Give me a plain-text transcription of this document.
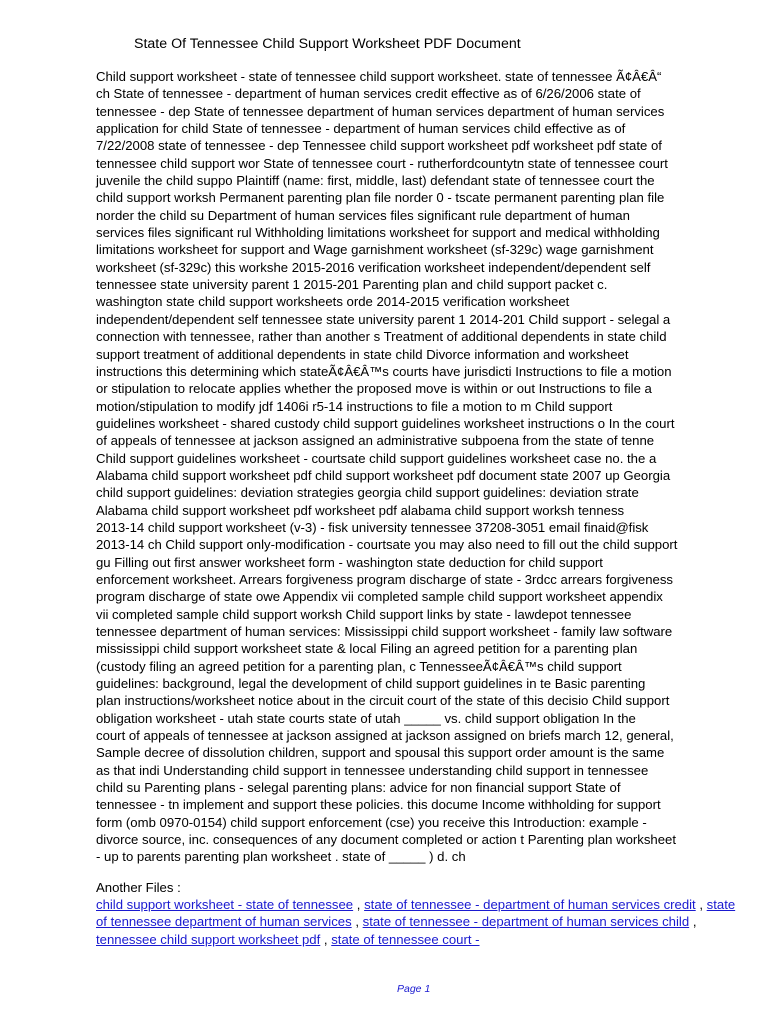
State Of Tennessee Child Support Worksheet PDF Document
Child support worksheet - state of tennessee child support worksheet. state of tennessee Ã¢Â€Â“
ch State of tennessee - department of human services credit effective as of 6/26/2006 state of
tennessee - dep State of tennessee department of human services department of human services
application for child State of tennessee - department of human services child effective as of
7/22/2008 state of tennessee - dep Tennessee child support worksheet pdf worksheet pdf state of
tennessee child support wor State of tennessee court - rutherfordcountytn state of tennessee court
juvenile the child suppo Plaintiff (name: first, middle, last) defendant state of tennessee court the
child support worksh Permanent parenting plan file norder 0 - tscate permanent parenting plan file
norder the child su Department of human services files significant rule department of human
services files significant rul Withholding limitations worksheet for support and medical withholding
limitations worksheet for support and Wage garnishment worksheet (sf-329c) wage garnishment
worksheet (sf-329c) this workshe 2015-2016 verification worksheet independent/dependent self
tennessee state university parent 1 2015-201 Parenting plan and child support packet c.
washington state child support worksheets orde 2014-2015 verification worksheet
independent/dependent self tennessee state university parent 1 2014-201 Child support - selegal a
connection with tennessee, rather than another s Treatment of additional dependents in state child
support treatment of additional dependents in state child Divorce information and worksheet
instructions this determining which stateÃ¢Â€Â™s courts have jurisdicti Instructions to file a motion
or stipulation to relocate applies whether the proposed move is within or out Instructions to file a
motion/stipulation to modify jdf 1406i r5-14 instructions to file a motion to m Child support
guidelines worksheet - shared custody child support guidelines worksheet instructions o In the court
of appeals of tennessee at jackson assigned an administrative subpoena from the state of tenne
Child support guidelines worksheet - courtsate child support guidelines worksheet case no. the a
Alabama child support worksheet pdf child support worksheet pdf document state 2007 up Georgia
child support guidelines: deviation strategies georgia child support guidelines: deviation strate
Alabama child support worksheet pdf worksheet pdf alabama child support worksh tenness
2013-14 child support worksheet (v-3) - fisk university tennessee 37208-3051 email finaid@fisk
2013-14 ch Child support only-modification - courtsate you may also need to fill out the child support
gu Filling out first answer worksheet form - washington state deduction for child support
enforcement worksheet. Arrears forgiveness program discharge of state - 3rdcc arrears forgiveness
program discharge of state owe Appendix vii completed sample child support worksheet appendix
vii completed sample child support worksh Child support links by state - lawdepot tennessee
tennessee department of human services: Mississippi child support worksheet - family law software
mississippi child support worksheet state & local Filing an agreed petition for a parenting plan
(custody filing an agreed petition for a parenting plan, c TennesseeÃ¢Â€Â™s child support
guidelines: background, legal the development of child support guidelines in te Basic parenting
plan instructions/worksheet notice about in the circuit court of the state of this decisio Child support
obligation worksheet - utah state courts state of utah _____ vs. child support obligation In the
court of appeals of tennessee at jackson assigned at jackson assigned on briefs march 12, general,
Sample decree of dissolution children, support and spousal this support order amount is the same
as that indi Understanding child support in tennessee understanding child support in tennessee
child su Parenting plans - selegal parenting plans: advice for non financial support State of
tennessee - tn implement and support these policies. this docume Income withholding for support
form (omb 0970-0154) child support enforcement (cse) you receive this Introduction: example -
divorce source, inc. consequences of any document completed or action t Parenting plan worksheet
- up to parents parenting plan worksheet . state of _____ ) d. ch
Another Files :
child support worksheet - state of tennessee , state of tennessee - department of human services credit , state of tennessee department of human services , state of tennessee - department of human services child , tennessee child support worksheet pdf , state of tennessee court -
Page 1
